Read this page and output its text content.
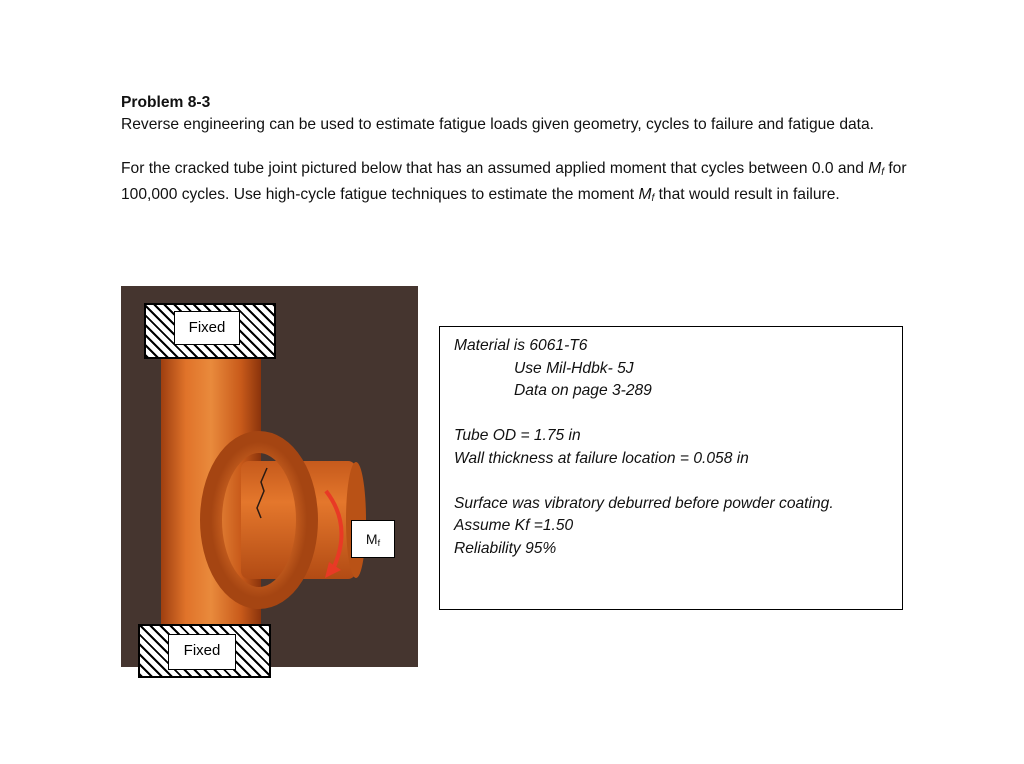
Problem 8-3

Reverse engineering can be used to estimate fatigue loads given geometry, cycles to failure and fatigue data.

For the cracked tube joint pictured below that has an assumed applied moment that cycles between 0.0 and $M_f$ for 100,000 cycles. Use high-cycle fatigue techniques to estimate the moment $M_f$ that would result in failure.

Fixed
Fixed
$M_f$
Material is 6061-T6
Use Mil-Hdbk- 5J
Data on page 3-289
Tube OD = 1.75 in
Wall thickness at failure location = 0.058 in
Surface was vibratory deburred before powder coating.
Assume Kf =1.50
Reliability 95%
